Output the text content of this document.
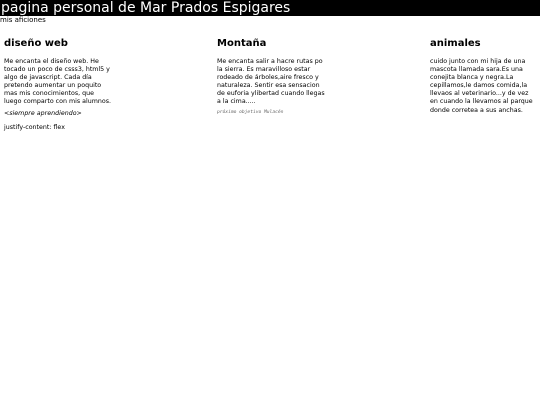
pagina personal de Mar Prados Espigares
mis aficiones
diseño web

Me encanta el diseño web. He tocado un poco de csss3, html5 y algo de javascript. Cada día pretendo aumentar un poquito mas mis conocimientos, que luego comparto con mis alumnos.

<siempre aprendiendo>

justify-content: flex

Montaña

Me encanta salir a hacre rutas po la sierra. Es maravilloso estar rodeado de árboles,aire fresco y naturaleza. Sentir esa sensacion de euforia ylibertad cuando llegas a la cima.....

próximo objetivo Mulacén

animales

cuido junto con mi hija de una mascota llamada sara.Es una conejita blanca y negra.La cepillamos,le damos comida,la llevaos al veterinario...y de vez en cuando la llevamos al parque donde corretea a sus anchas.
